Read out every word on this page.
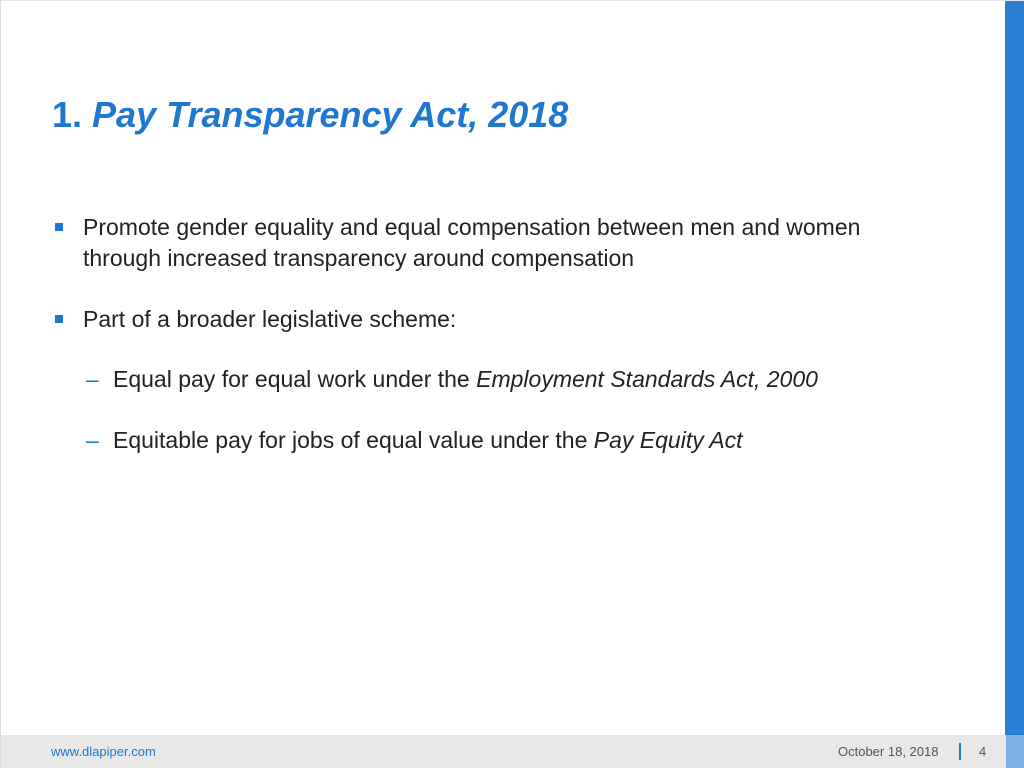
1. Pay Transparency Act, 2018
Promote gender equality and equal compensation between men and women
through increased transparency around compensation
Part of a broader legislative scheme:
– Equal pay for equal work under the Employment Standards Act, 2000
– Equitable pay for jobs of equal value under the Pay Equity Act
www.dlapiper.com	October 18, 2018	4
